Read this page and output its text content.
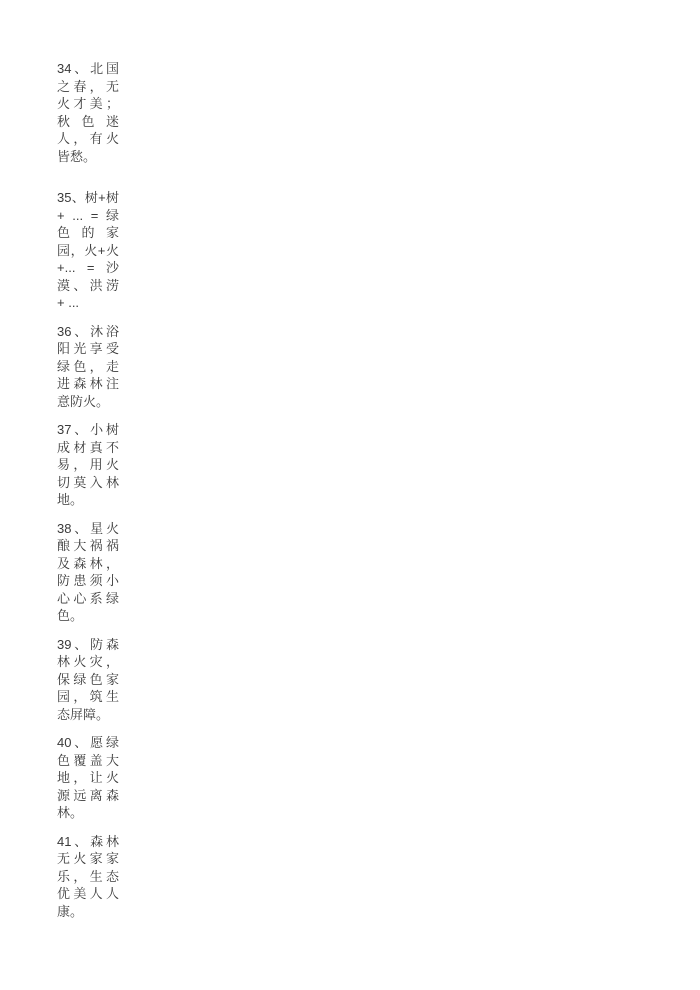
34、北国之春，无火才美；秋色迷人，有火皆愁。

35、树+树+ ... = 绿色的家园，火+火+... = 沙漠、洪涝 + ...

36、沐浴阳光享受绿色，走进森林注意防火。

37、小树成材真不易，用火切莫入林地。

38、星火酿大祸祸及森林，防患须小心心系绿色。

39、防森林火灾，保绿色家园，筑生态屏障。

40、愿绿色覆盖大地，让火源远离森林。

41、森林无火家家乐，生态优美人人康。
